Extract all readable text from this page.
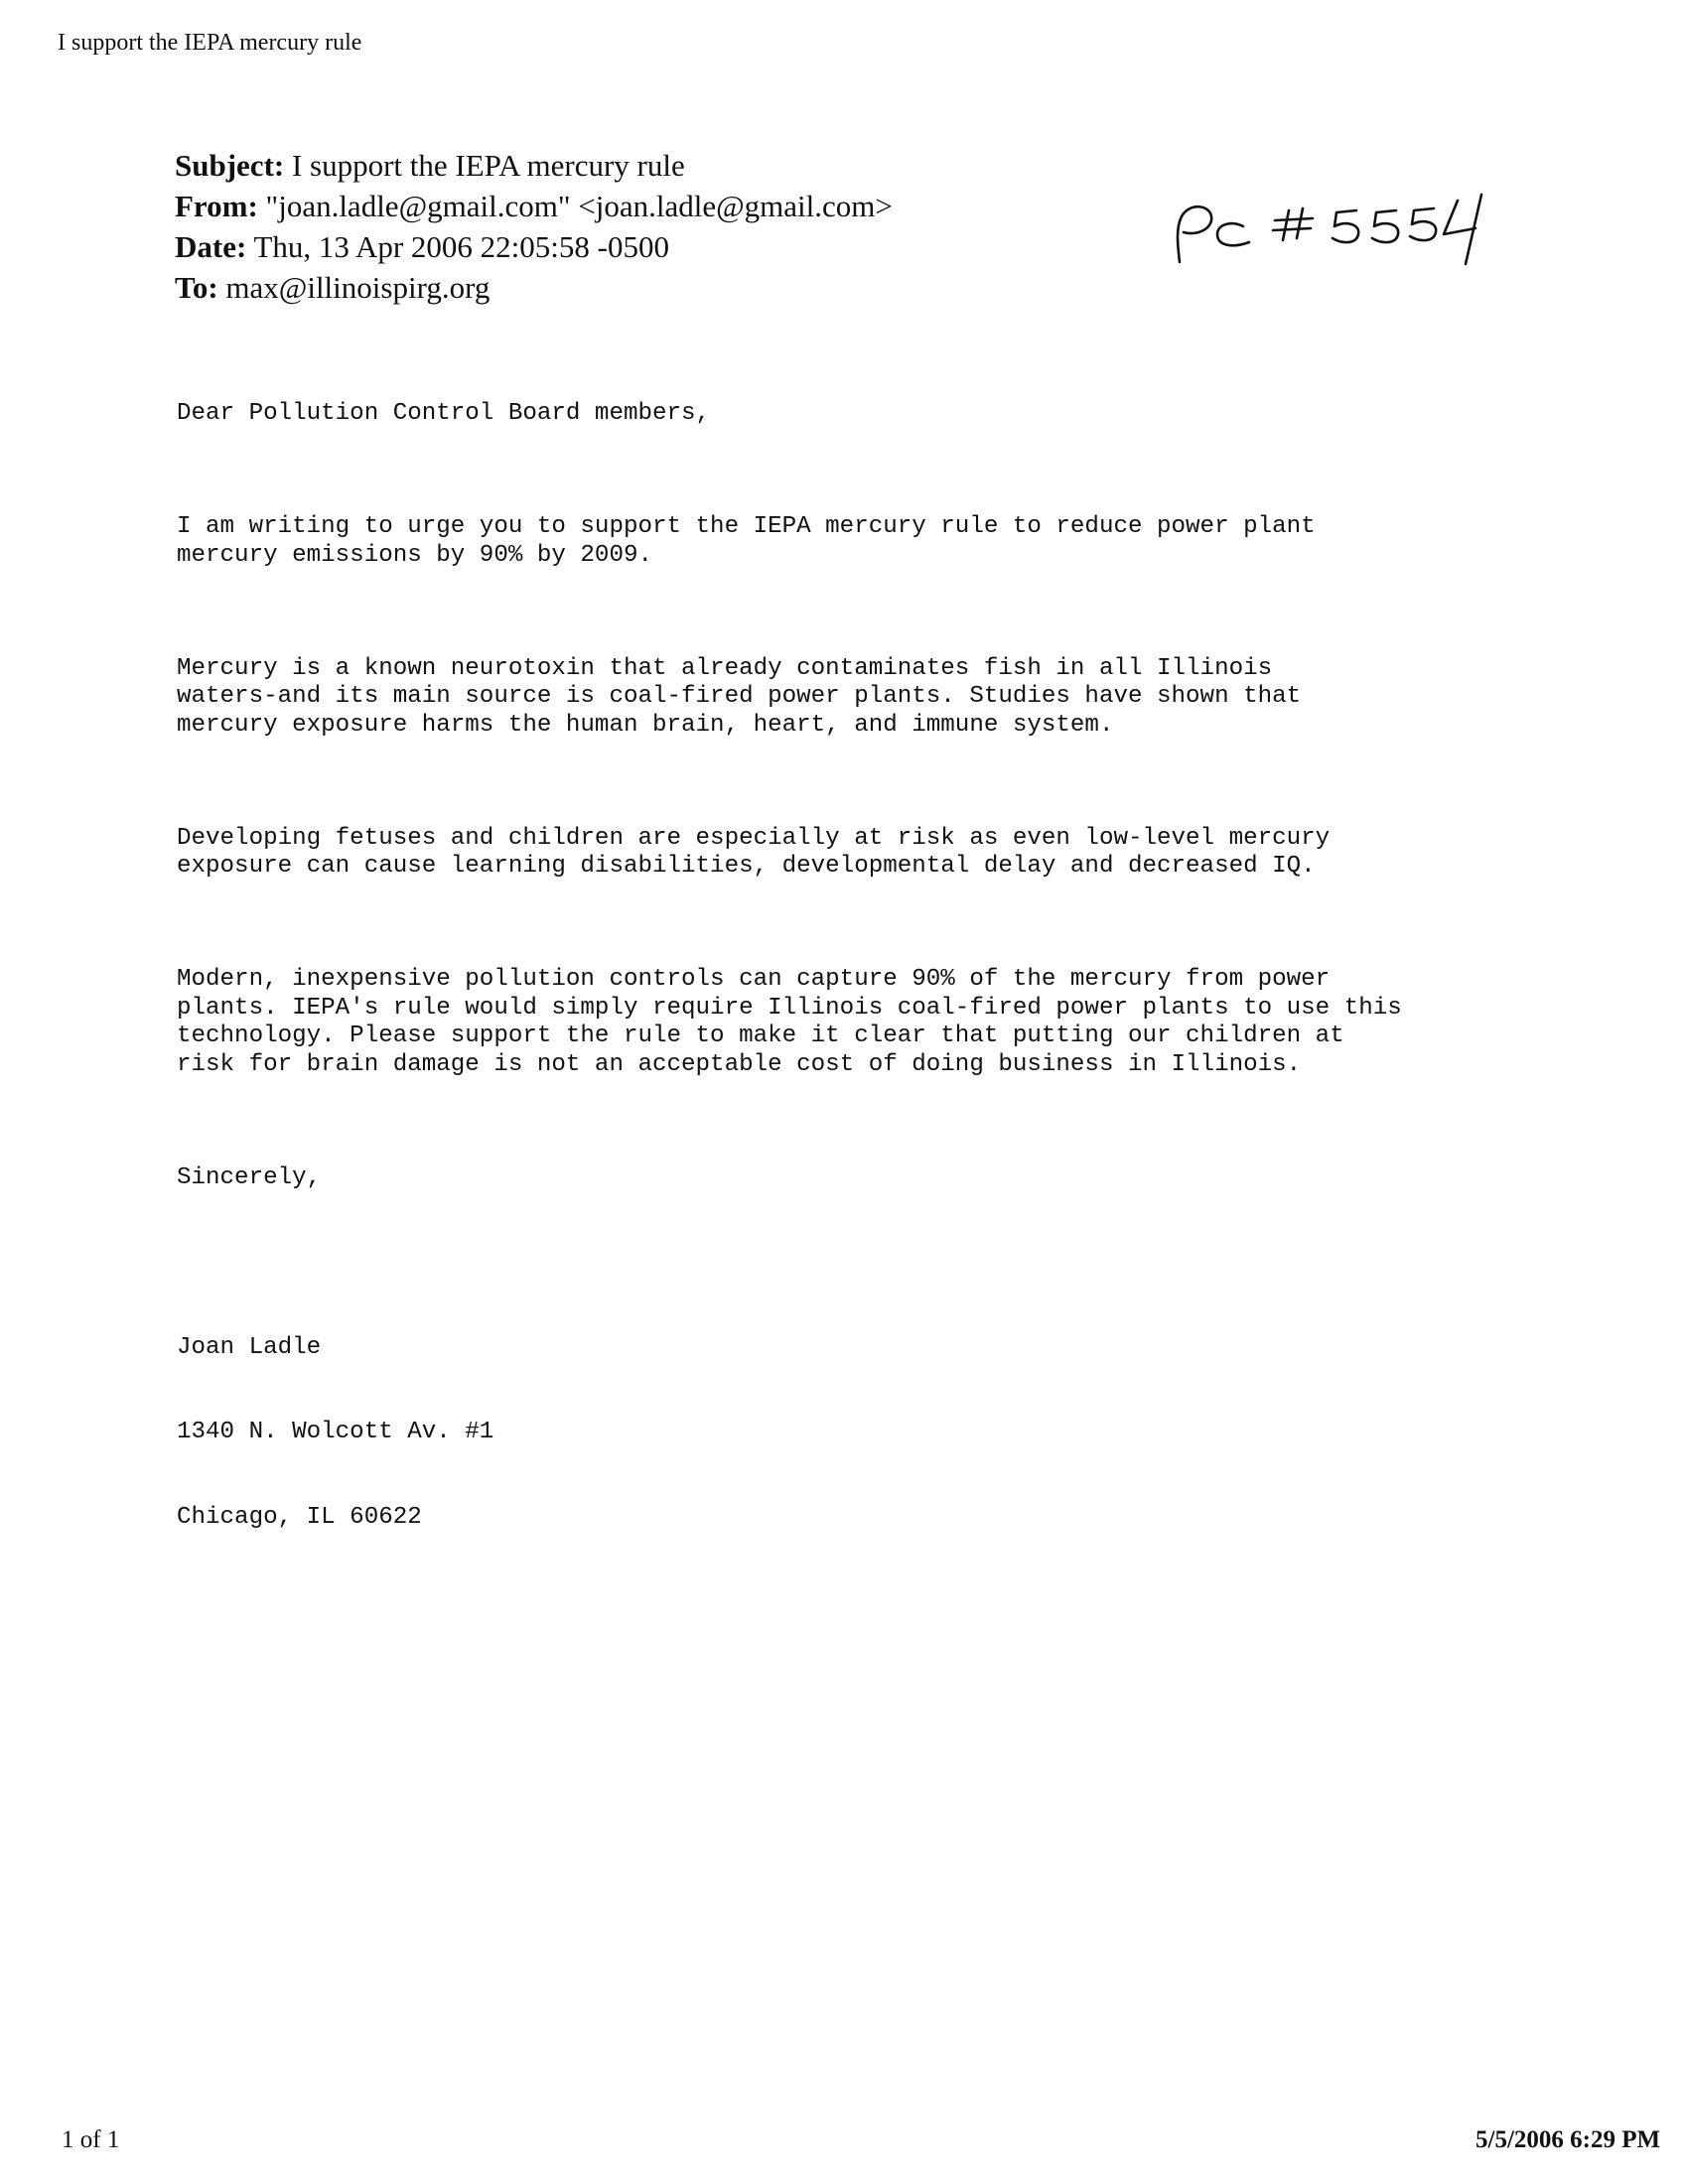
I support the IEPA mercury rule
Subject: I support the IEPA mercury rule
From: "joan.ladle@gmail.com" <joan.ladle@gmail.com>
Date: Thu, 13 Apr 2006 22:05:58 -0500
To: max@illinoispirg.org

Dear Pollution Control Board members,

I am writing to urge you to support the IEPA mercury rule to reduce power plant
mercury emissions by 90% by 2009.

Mercury is a known neurotoxin that already contaminates fish in all Illinois
waters-and its main source is coal-fired power plants. Studies have shown that
mercury exposure harms the human brain, heart, and immune system.

Developing fetuses and children are especially at risk as even low-level mercury
exposure can cause learning disabilities, developmental delay and decreased IQ.

Modern, inexpensive pollution controls can capture 90% of the mercury from power
plants. IEPA's rule would simply require Illinois coal-fired power plants to use this
technology. Please support the rule to make it clear that putting our children at
risk for brain damage is not an acceptable cost of doing business in Illinois.

Sincerely,

Joan Ladle

1340 N. Wolcott Av. #1

Chicago, IL 60622

1 of 1	5/5/2006 6:29 PM
